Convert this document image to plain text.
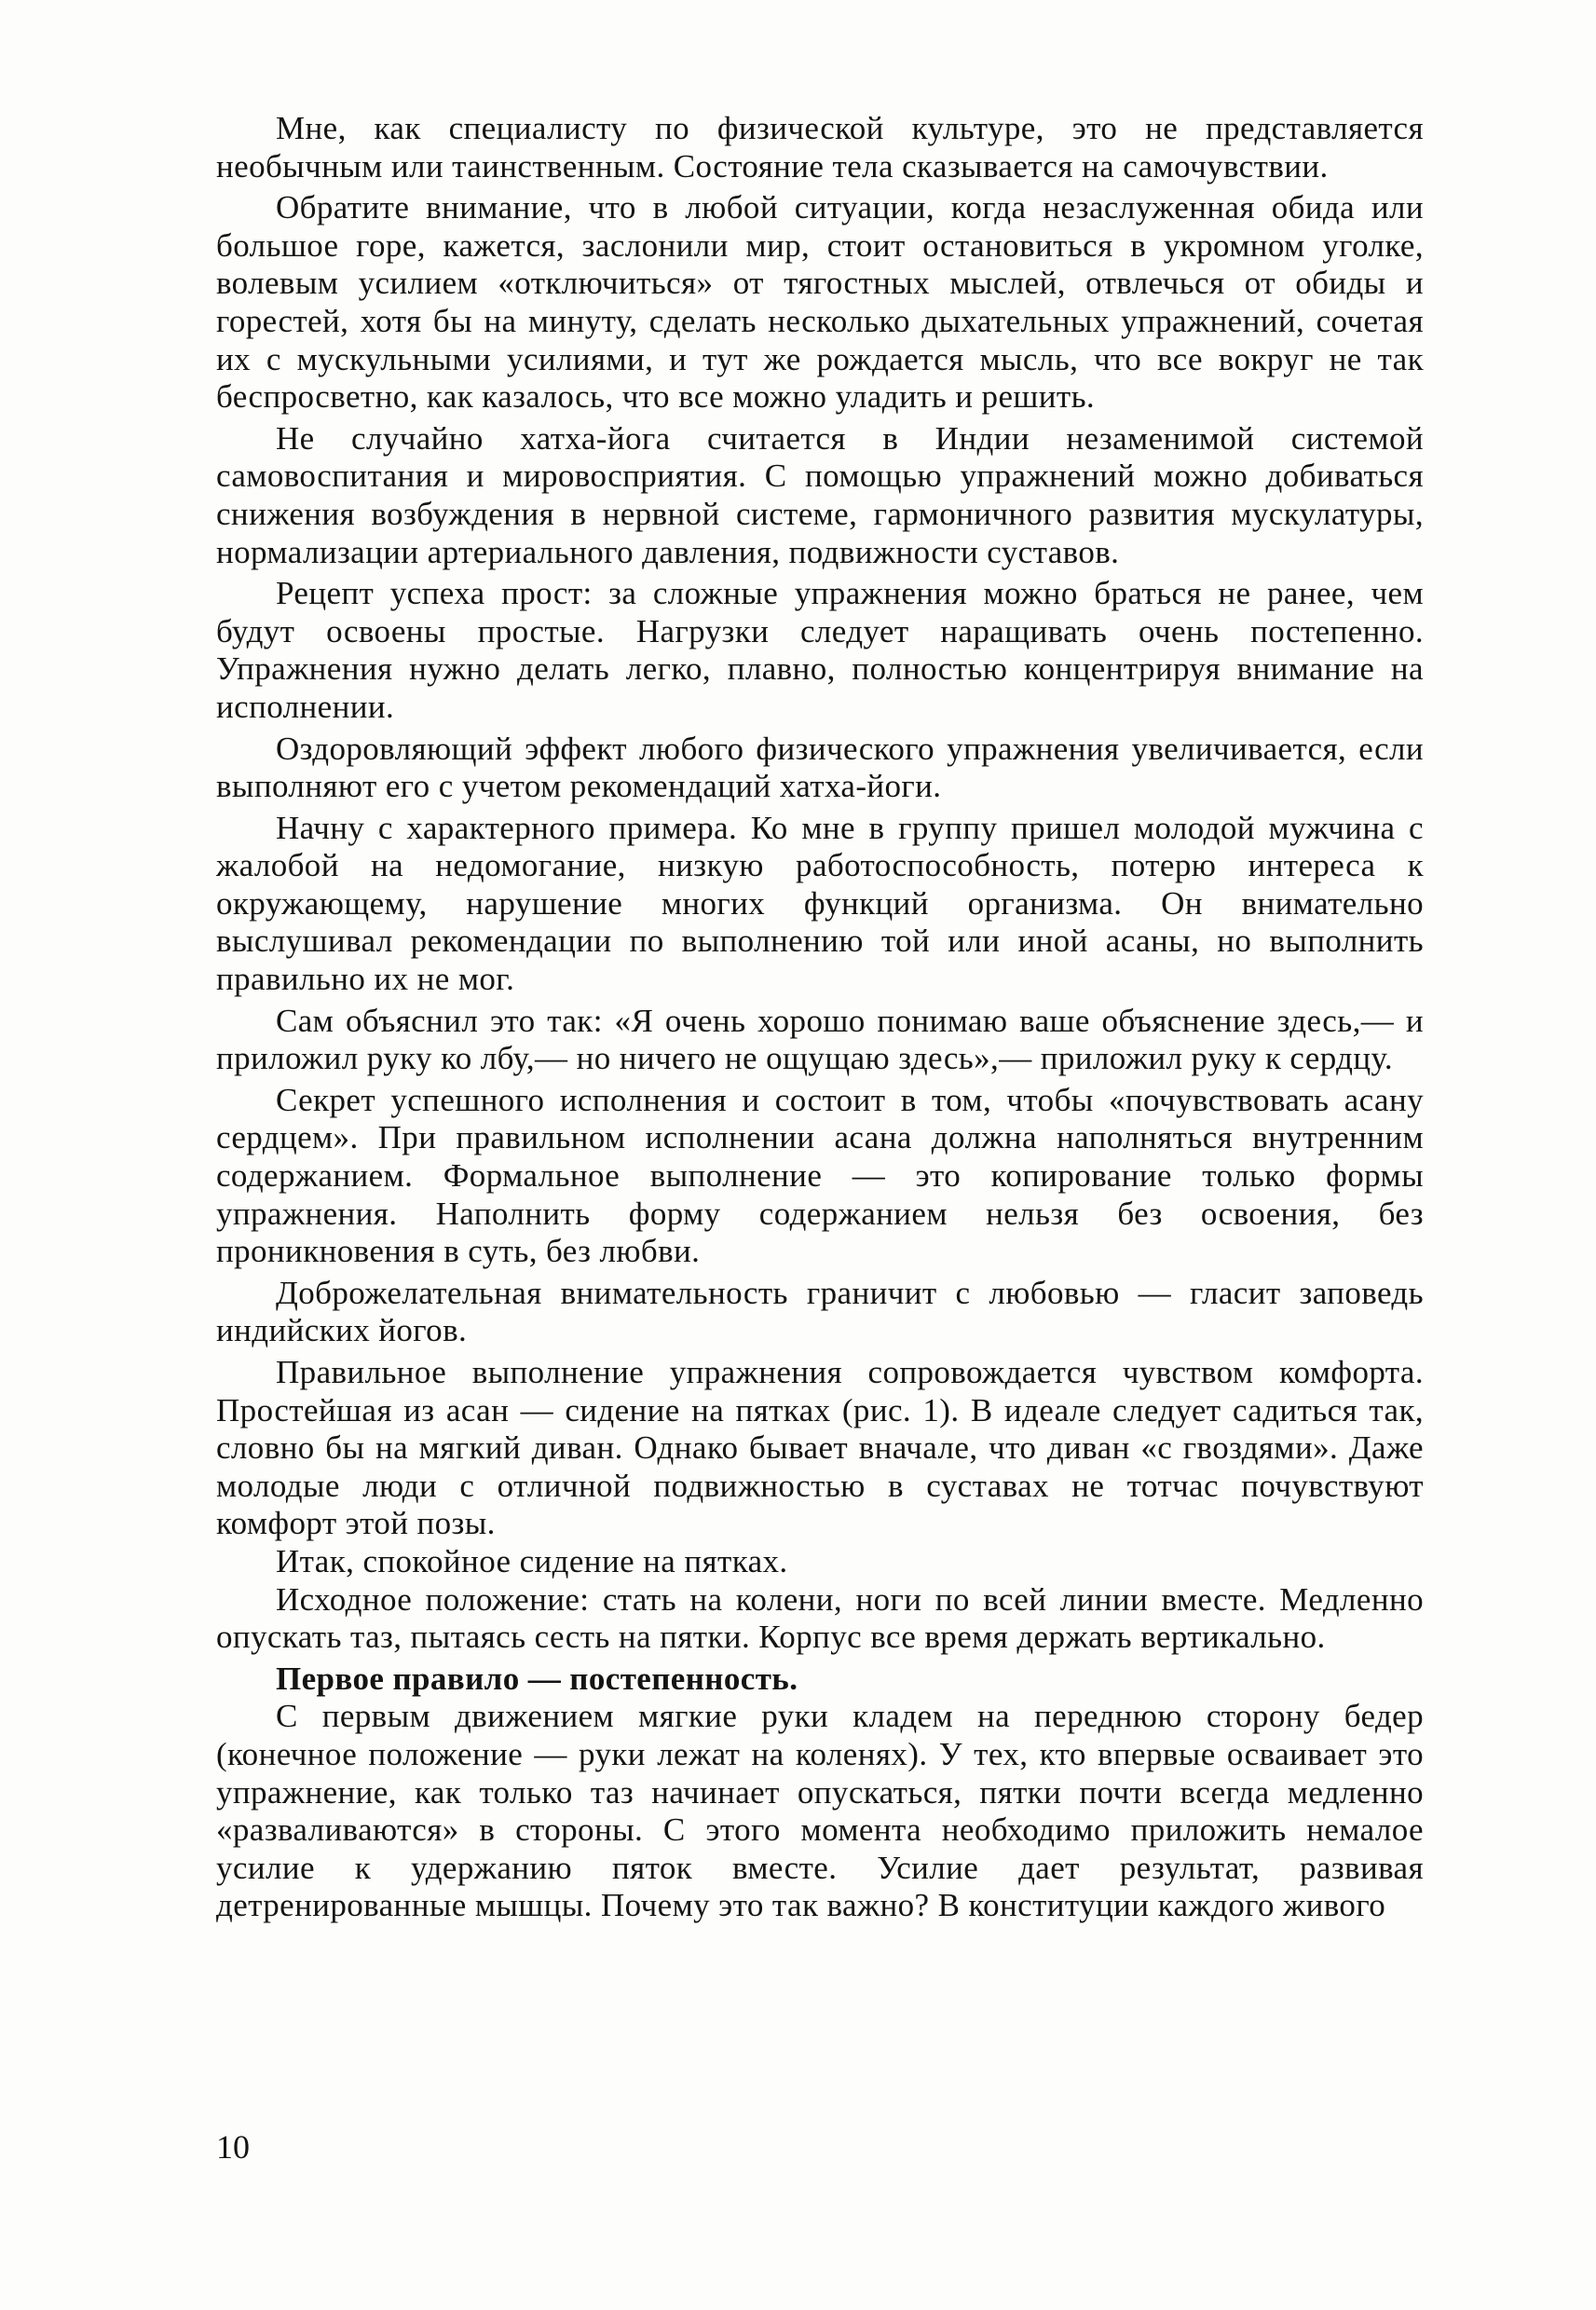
Мне, как специалисту по физической культуре, это не представляется необычным или таинственным. Состояние тела сказывается на самочувствии.

Обратите внимание, что в любой ситуации, когда незаслуженная обида или большое горе, кажется, заслонили мир, стоит остановиться в укромном уголке, волевым усилием «отключиться» от тягостных мыслей, отвлечься от обиды и горестей, хотя бы на минуту, сделать несколько дыхательных упражнений, сочетая их с мускульными усилиями, и тут же рождается мысль, что все вокруг не так беспросветно, как казалось, что все можно уладить и решить.

Не случайно хатха-йога считается в Индии незаменимой системой самовоспитания и мировосприятия. С помощью упражнений можно добиваться снижения возбуждения в нервной системе, гармоничного развития мускулатуры, нормализации артериального давления, подвижности суставов.

Рецепт успеха прост: за сложные упражнения можно браться не ранее, чем будут освоены простые. Нагрузки следует наращивать очень постепенно. Упражнения нужно делать легко, плавно, полностью концентрируя внимание на исполнении.

Оздоровляющий эффект любого физического упражнения увеличивается, если выполняют его с учетом рекомендаций хатха-йоги.

Начну с характерного примера. Ко мне в группу пришел молодой мужчина с жалобой на недомогание, низкую работоспособность, потерю интереса к окружающему, нарушение многих функций организма. Он внимательно выслушивал рекомендации по выполнению той или иной асаны, но выполнить правильно их не мог.

Сам объяснил это так: «Я очень хорошо понимаю ваше объяснение здесь,— и приложил руку ко лбу,— но ничего не ощущаю здесь»,— приложил руку к сердцу.

Секрет успешного исполнения и состоит в том, чтобы «почувствовать асану сердцем». При правильном исполнении асана должна наполняться внутренним содержанием. Формальное выполнение — это копирование только формы упражнения. Наполнить форму содержанием нельзя без освоения, без проникновения в суть, без любви.

Доброжелательная внимательность граничит с любовью — гласит заповедь индийских йогов.

Правильное выполнение упражнения сопровождается чувством комфорта. Простейшая из асан — сидение на пятках (рис. 1). В идеале следует садиться так, словно бы на мягкий диван. Однако бывает вначале, что диван «с гвоздями». Даже молодые люди с отличной подвижностью в суставах не тотчас почувствуют комфорт этой позы.

Итак, спокойное сидение на пятках.

Исходное положение: стать на колени, ноги по всей линии вместе. Медленно опускать таз, пытаясь сесть на пятки. Корпус все время держать вертикально.

Первое правило — постепенность.

С первым движением мягкие руки кладем на переднюю сторону бедер (конечное положение — руки лежат на коленях). У тех, кто впервые осваивает это упражнение, как только таз начинает опускаться, пятки почти всегда медленно «разваливаются» в стороны. С этого момента необходимо приложить немалое усилие к удержанию пяток вместе. Усилие дает результат, развивая детренированные мышцы. Почему это так важно? В конституции каждого живого

10
